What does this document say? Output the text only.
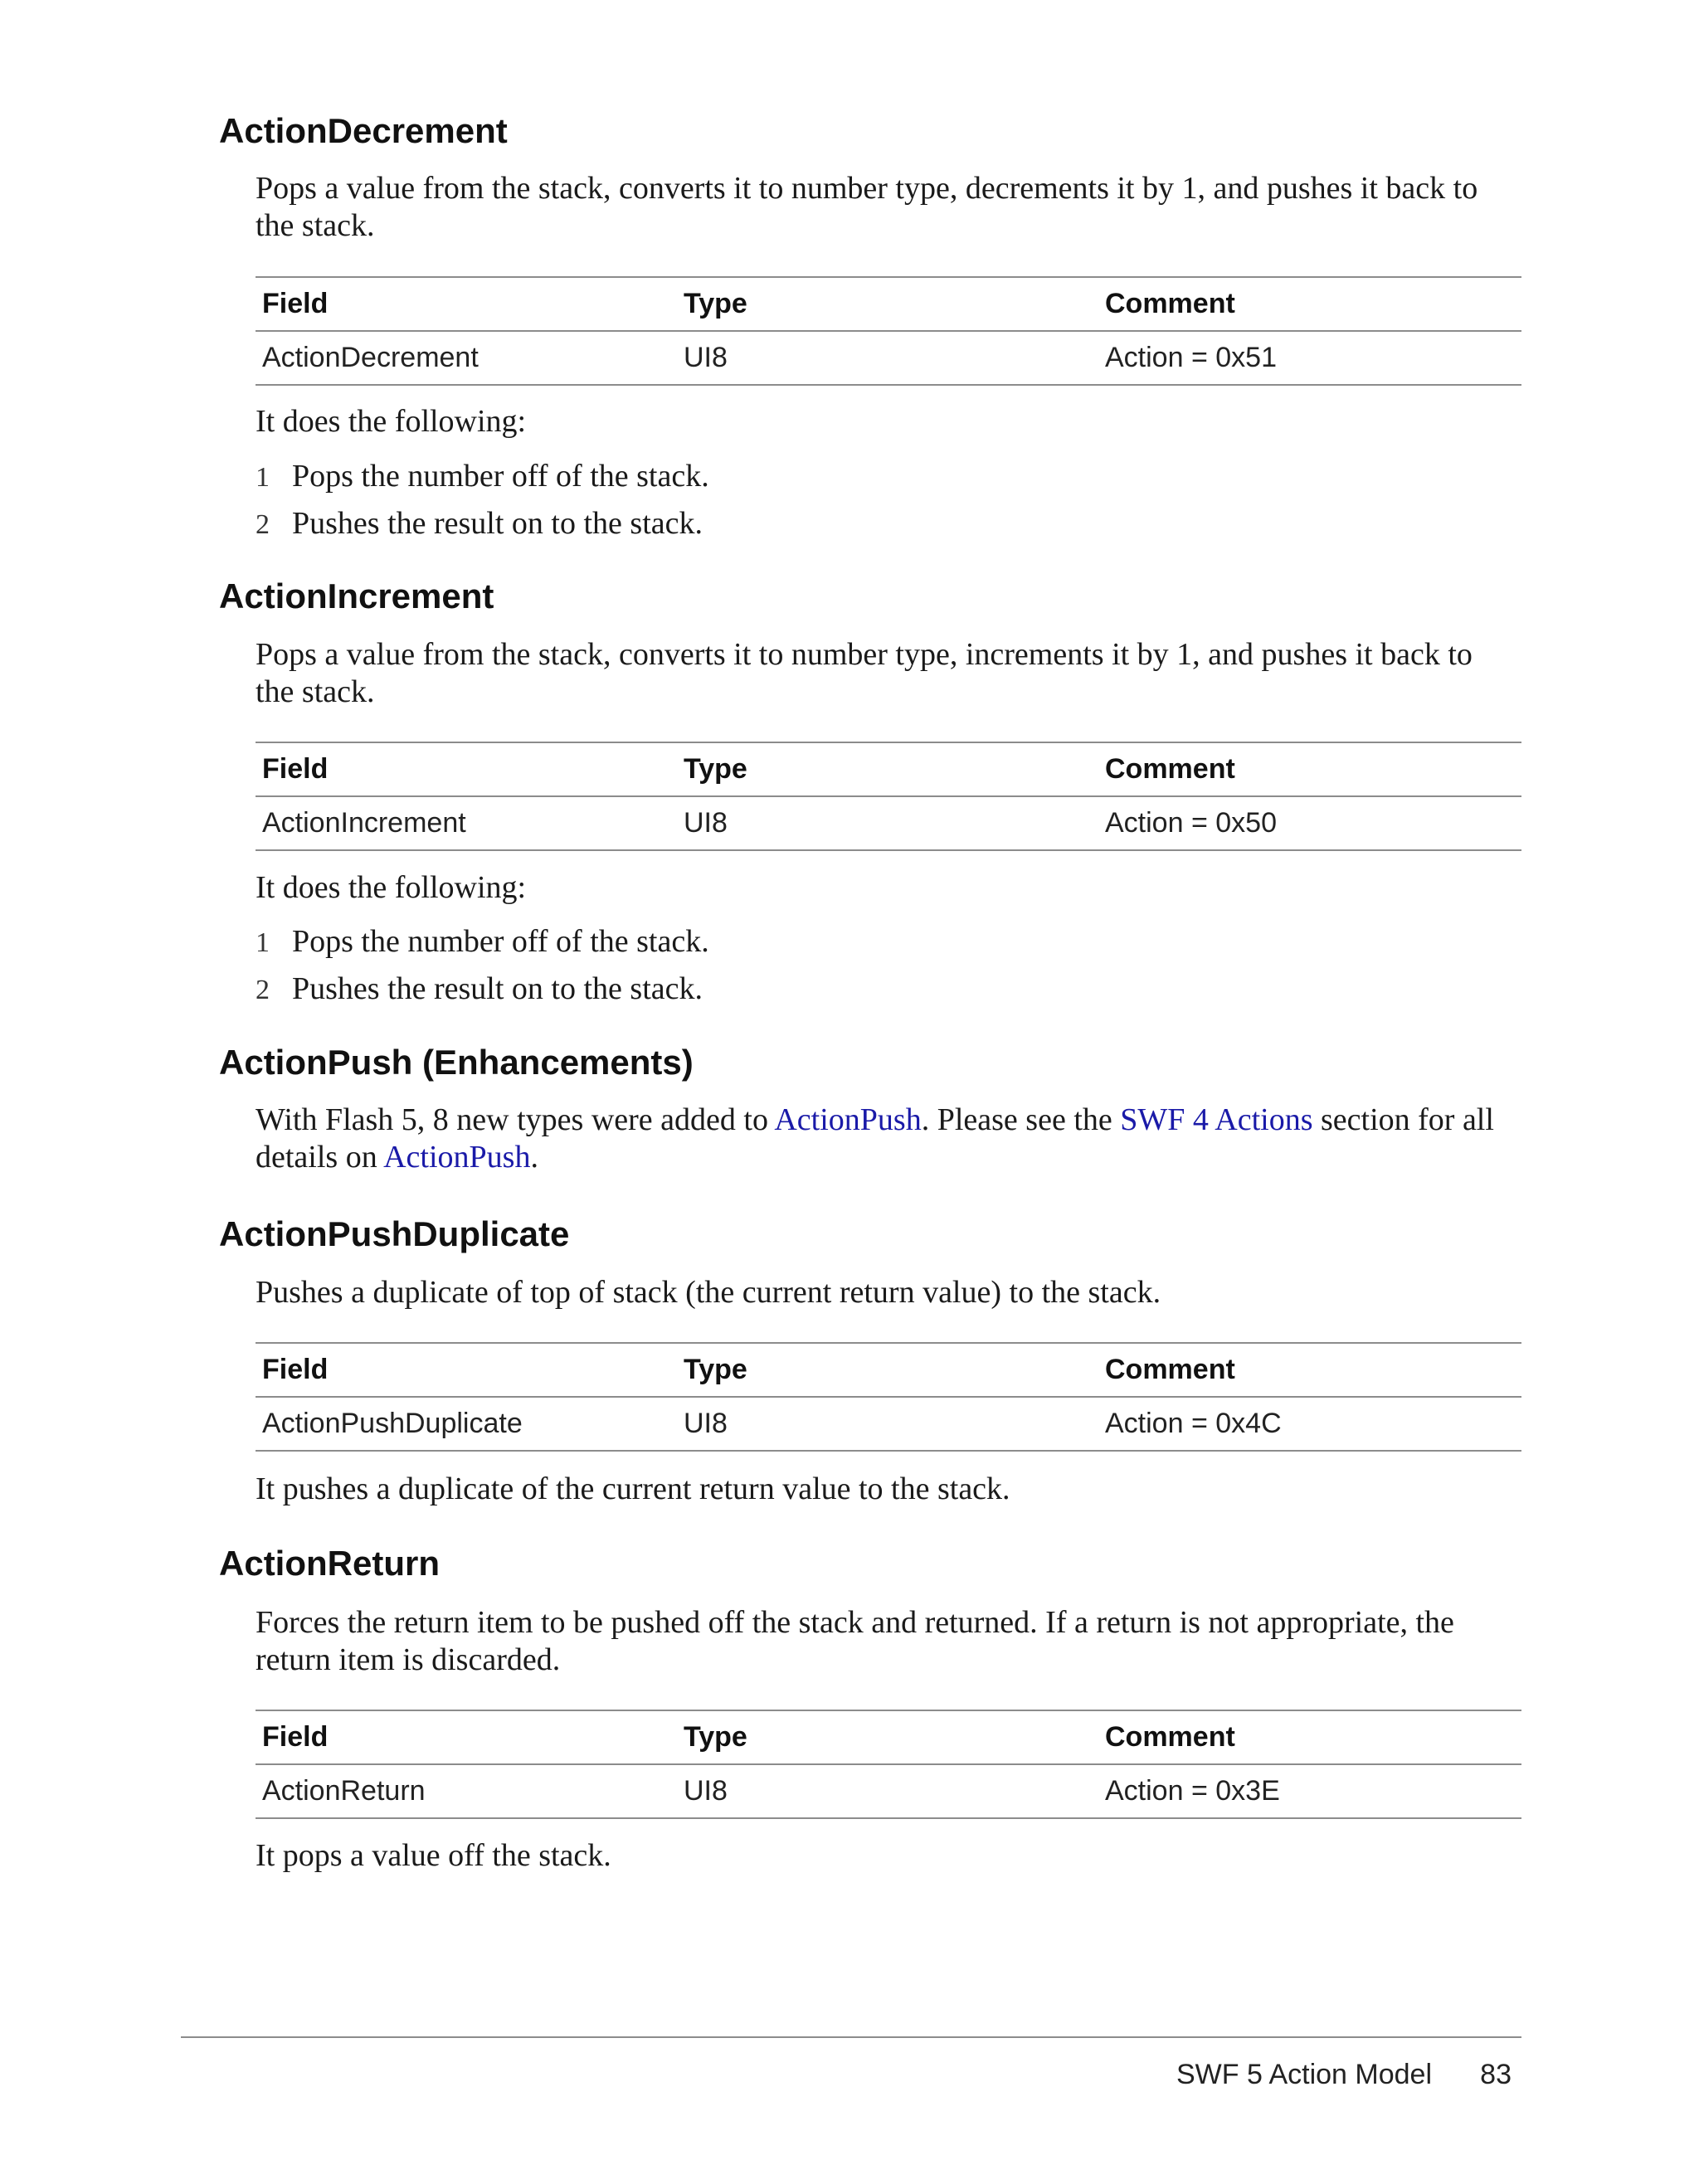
ActionDecrement

Pops a value from the stack, converts it to number type, decrements it by 1, and pushes it back to the stack.

Field	Type	Comment
ActionDecrement	UI8	Action = 0x51

It does the following:

1 Pops the number off of the stack.
2 Pushes the result on to the stack.
ActionIncrement

Pops a value from the stack, converts it to number type, increments it by 1, and pushes it back to the stack.

Field	Type	Comment
ActionIncrement	UI8	Action = 0x50

It does the following:

1 Pops the number off of the stack.
2 Pushes the result on to the stack.
ActionPush (Enhancements)

With Flash 5, 8 new types were added to ActionPush. Please see the SWF 4 Actions section for all details on ActionPush.

ActionPushDuplicate

Pushes a duplicate of top of stack (the current return value) to the stack.

Field	Type	Comment
ActionPushDuplicate	UI8	Action = 0x4C

It pushes a duplicate of the current return value to the stack.

ActionReturn

Forces the return item to be pushed off the stack and returned. If a return is not appropriate, the return item is discarded.

Field	Type	Comment
ActionReturn	UI8	Action = 0x3E

It pops a value off the stack.

SWF 5 Action Model 83
